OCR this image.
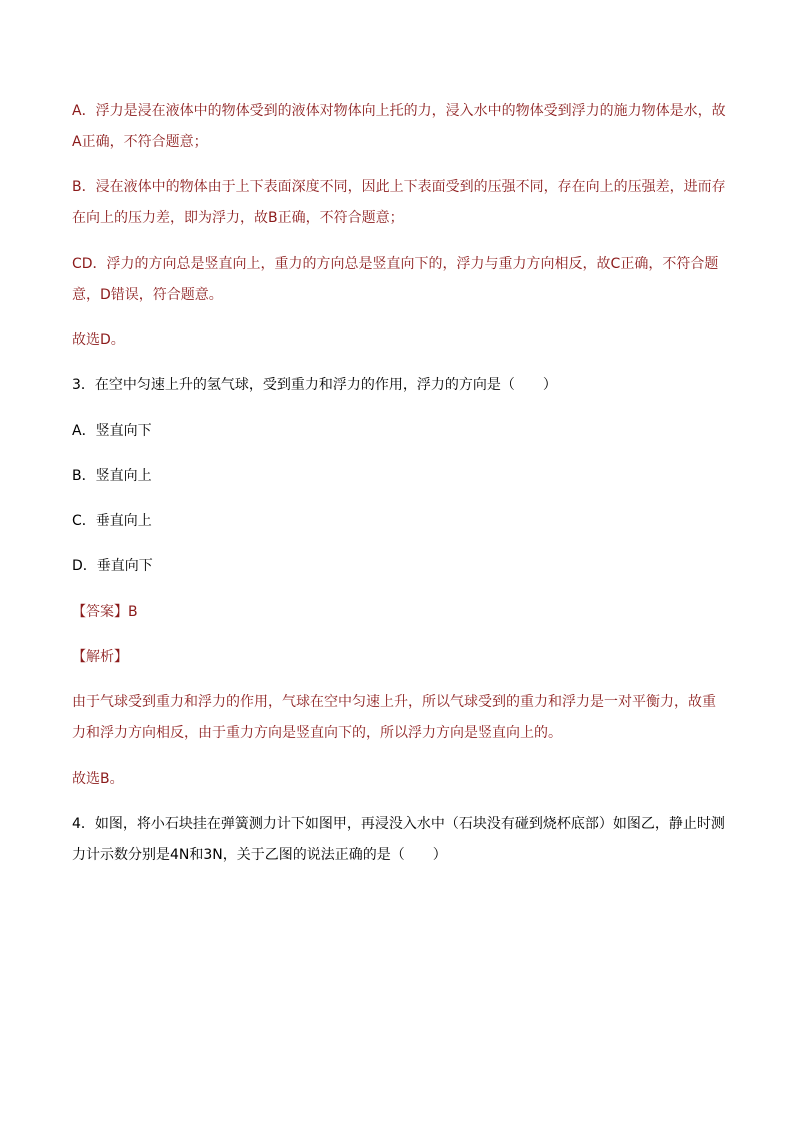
A．浮力是浸在液体中的物体受到的液体对物体向上托的力，浸入水中的物体受到浮力的施力物体是水，故A正确，不符合题意；

B．浸在液体中的物体由于上下表面深度不同，因此上下表面受到的压强不同，存在向上的压强差，进而存在向上的压力差，即为浮力，故B正确，不符合题意；

CD．浮力的方向总是竖直向上，重力的方向总是竖直向下的，浮力与重力方向相反，故C正确，不符合题意，D错误，符合题意。

故选D。

3．在空中匀速上升的氢气球，受到重力和浮力的作用，浮力的方向是（　　）

A．竖直向下

B．竖直向上

C．垂直向上

D．垂直向下

【答案】B

【解析】

由于气球受到重力和浮力的作用，气球在空中匀速上升，所以气球受到的重力和浮力是一对平衡力，故重力和浮力方向相反，由于重力方向是竖直向下的，所以浮力方向是竖直向上的。

故选B。

4．如图，将小石块挂在弹簧测力计下如图甲，再浸没入水中（石块没有碰到烧杯底部）如图乙，静止时测力计示数分别是4N和3N，关于乙图的说法正确的是（　　）
